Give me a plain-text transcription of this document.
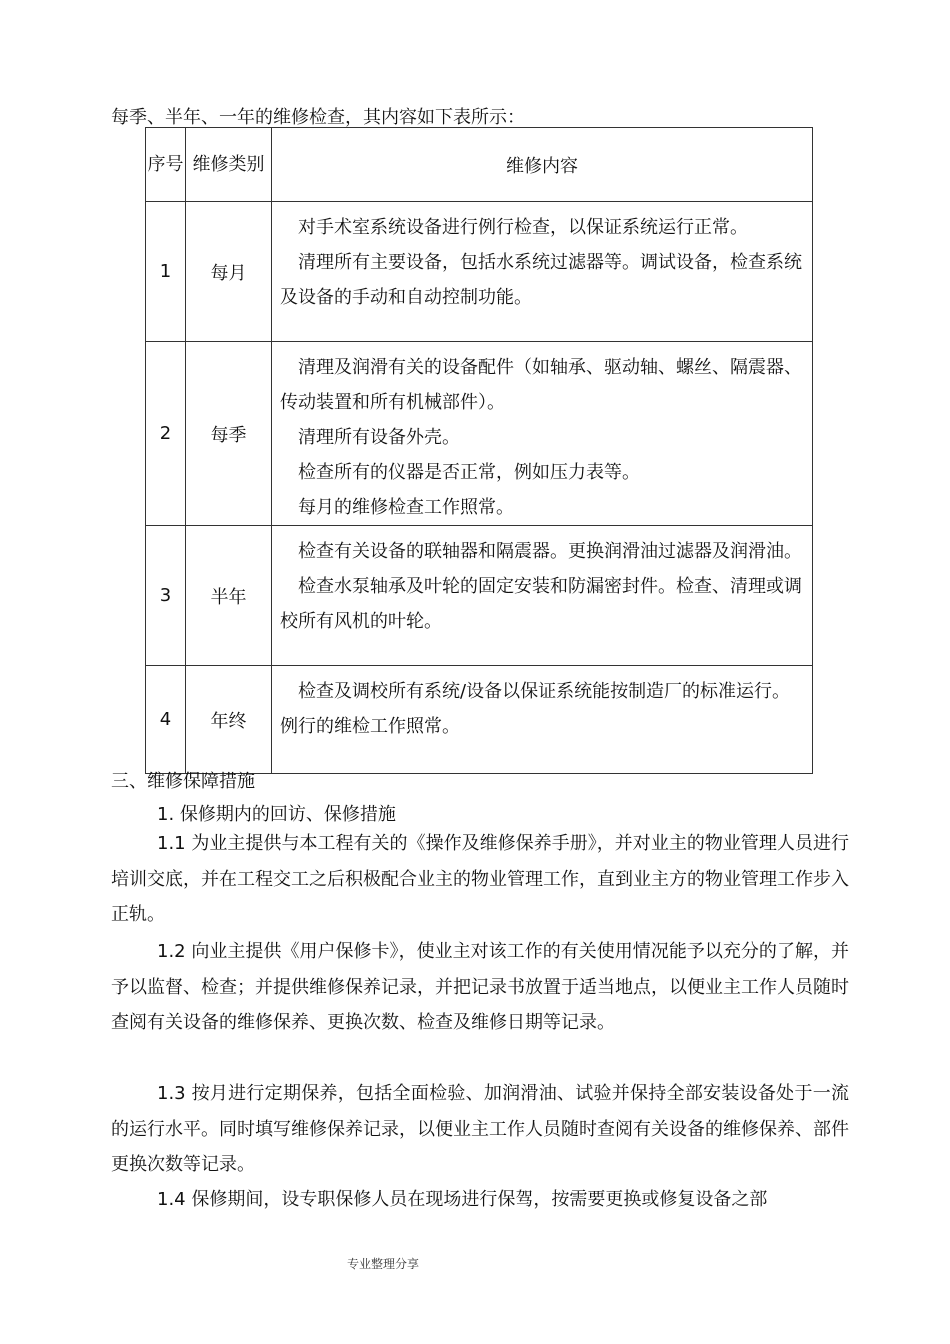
每季、半年、一年的维修检查，其内容如下表所示：
序号	维修类别	维修内容
1	每月	对手术室系统设备进行例行检查，以保证系统运行正常。
清理所有主要设备，包括水系统过滤器等。调试设备，检查系统及设备的手动和自动控制功能。

2	每季	清理及润滑有关的设备配件（如轴承、驱动轴、螺丝、隔震器、传动装置和所有机械部件）。
清理所有设备外壳。
检查所有的仪器是否正常，例如压力表等。
每月的维修检查工作照常。

3	半年	检查有关设备的联轴器和隔震器。更换润滑油过滤器及润滑油。
检查水泵轴承及叶轮的固定安装和防漏密封件。检查、清理或调校所有风机的叶轮。

4	年终	检查及调校所有系统/设备以保证系统能按制造厂的标准运行。
例行的维检工作照常。
三、维修保障措施
1. 保修期内的回访、保修措施
1.1 为业主提供与本工程有关的《操作及维修保养手册》，并对业主的物业管理人员进行培训交底，并在工程交工之后积极配合业主的物业管理工作，直到业主方的物业管理工作步入正轨。
1.2 向业主提供《用户保修卡》，使业主对该工作的有关使用情况能予以充分的了解，并予以监督、检查；并提供维修保养记录，并把记录书放置于适当地点，以便业主工作人员随时查阅有关设备的维修保养、更换次数、检查及维修日期等记录。
1.3 按月进行定期保养，包括全面检验、加润滑油、试验并保持全部安装设备处于一流的运行水平。同时填写维修保养记录，以便业主工作人员随时查阅有关设备的维修保养、部件更换次数等记录。
1.4 保修期间，设专职保修人员在现场进行保驾，按需要更换或修复设备之部
专业整理分享
